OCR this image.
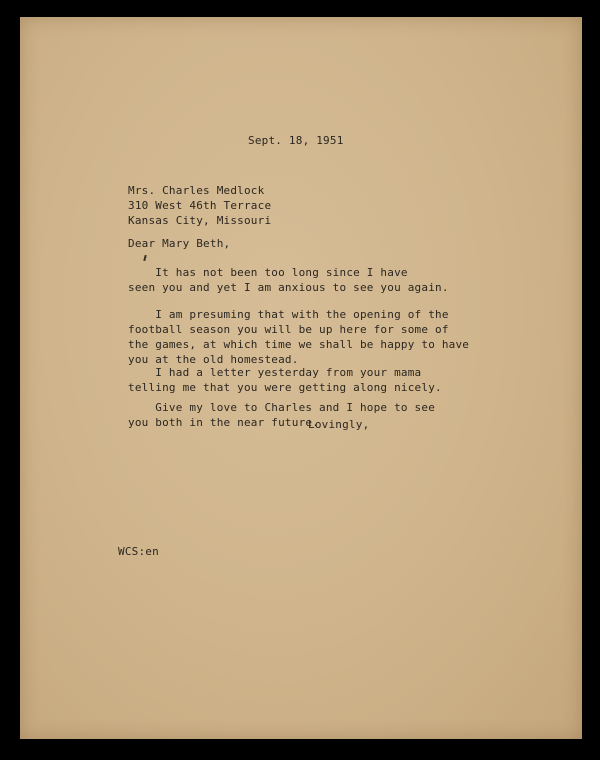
Sept. 18, 1951
Mrs. Charles Medlock
310 West 46th Terrace
Kansas City, Missouri
Dear Mary Beth,
It has not been too long since I have
seen you and yet I am anxious to see you again.
I am presuming that with the opening of the
football season you will be up here for some of
the games, at which time we shall be happy to have
you at the old homestead.
I had a letter yesterday from your mama
telling me that you were getting along nicely.
Give my love to Charles and I hope to see
you both in the near future.
Lovingly,
WCS:en
